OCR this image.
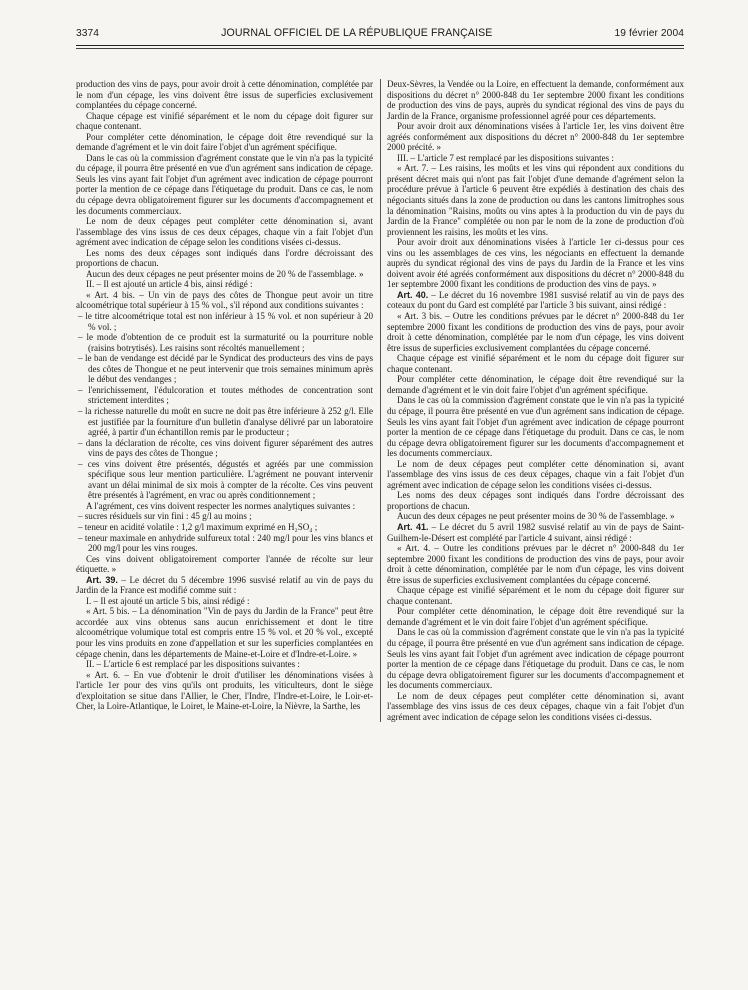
3374	JOURNAL OFFICIEL DE LA RÉPUBLIQUE FRANÇAISE	19 février 2004

production des vins de pays, pour avoir droit à cette dénomination, complétée par le nom d'un cépage, les vins doivent être issus de superficies exclusivement complantées du cépage concerné.

Chaque cépage est vinifié séparément et le nom du cépage doit figurer sur chaque contenant.

Pour compléter cette dénomination, le cépage doit être revendiqué sur la demande d'agrément et le vin doit faire l'objet d'un agrément spécifique.

Dans le cas où la commission d'agrément constate que le vin n'a pas la typicité du cépage, il pourra être présenté en vue d'un agrément sans indication de cépage. Seuls les vins ayant fait l'objet d'un agrément avec indication de cépage pourront porter la mention de ce cépage dans l'étiquetage du produit. Dans ce cas, le nom du cépage devra obligatoirement figurer sur les documents d'accompagnement et les documents commerciaux.

Le nom de deux cépages peut compléter cette dénomination si, avant l'assemblage des vins issus de ces deux cépages, chaque vin a fait l'objet d'un agrément avec indication de cépage selon les conditions visées ci-dessus.

Les noms des deux cépages sont indiqués dans l'ordre décroissant des proportions de chacun.

Aucun des deux cépages ne peut présenter moins de 20 % de l'assemblage. »

II. – Il est ajouté un article 4 bis, ainsi rédigé :

« Art. 4 bis. – Un vin de pays des côtes de Thongue peut avoir un titre alcoométrique total supérieur à 15 % vol., s'il répond aux conditions suivantes :

– le titre alcoométrique total est non inférieur à 15 % vol. et non supérieur à 20 % vol. ;

– le mode d'obtention de ce produit est la surmaturité ou la pourriture noble (raisins botrytisés). Les raisins sont récoltés manuellement ;

– le ban de vendange est décidé par le Syndicat des producteurs des vins de pays des côtes de Thongue et ne peut intervenir que trois semaines minimum après le début des vendanges ;

– l'enrichissement, l'édulcoration et toutes méthodes de concentration sont strictement interdites ;

– la richesse naturelle du moût en sucre ne doit pas être inférieure à 252 g/l. Elle est justifiée par la fourniture d'un bulletin d'analyse délivré par un laboratoire agréé, à partir d'un échantillon remis par le producteur ;

– dans la déclaration de récolte, ces vins doivent figurer séparément des autres vins de pays des côtes de Thongue ;

– ces vins doivent être présentés, dégustés et agréés par une commission spécifique sous leur mention particulière. L'agrément ne pouvant intervenir avant un délai minimal de six mois à compter de la récolte. Ces vins peuvent être présentés à l'agrément, en vrac ou après conditionnement ;

A l'agrément, ces vins doivent respecter les normes analytiques suivantes :

– sucres résiduels sur vin fini : 45 g/l au moins ;

– teneur en acidité volatile : 1,2 g/l maximum exprimé en H₂SO₄ ;

– teneur maximale en anhydride sulfureux total : 240 mg/l pour les vins blancs et 200 mg/l pour les vins rouges.

Ces vins doivent obligatoirement comporter l'année de récolte sur leur étiquette. »

Art. 39. – Le décret du 5 décembre 1996 susvisé relatif au vin de pays du Jardin de la France est modifié comme suit :

I. – Il est ajouté un article 5 bis, ainsi rédigé :

« Art. 5 bis. – La dénomination "Vin de pays du Jardin de la France" peut être accordée aux vins obtenus sans aucun enrichissement et dont le titre alcoométrique volumique total est compris entre 15 % vol. et 20 % vol., excepté pour les vins produits en zone d'appellation et sur les superficies complantées en cépage chenin, dans les départements de Maine-et-Loire et d'Indre-et-Loire. »

II. – L'article 6 est remplacé par les dispositions suivantes :

« Art. 6. – En vue d'obtenir le droit d'utiliser les dénominations visées à l'article 1er pour des vins qu'ils ont produits, les viticulteurs, dont le siège d'exploitation se situe dans l'Allier, le Cher, l'Indre, l'Indre-et-Loire, le Loir-et-Cher, la Loire-Atlantique, le Loiret, le Maine-et-Loire, la Nièvre, la Sarthe, les

Deux-Sèvres, la Vendée ou la Loire, en effectuent la demande, conformément aux dispositions du décret n° 2000-848 du 1er septembre 2000 fixant les conditions de production des vins de pays, auprès du syndicat régional des vins de pays du Jardin de la France, organisme professionnel agréé pour ces départements.

Pour avoir droit aux dénominations visées à l'article 1er, les vins doivent être agréés conformément aux dispositions du décret n° 2000-848 du 1er septembre 2000 précité. »

III. – L'article 7 est remplacé par les dispositions suivantes :

« Art. 7. – Les raisins, les moûts et les vins qui répondent aux conditions du présent décret mais qui n'ont pas fait l'objet d'une demande d'agrément selon la procédure prévue à l'article 6 peuvent être expédiés à destination des chais des négociants situés dans la zone de production ou dans les cantons limitrophes sous la dénomination "Raisins, moûts ou vins aptes à la production du vin de pays du Jardin de la France" complétée ou non par le nom de la zone de production d'où proviennent les raisins, les moûts et les vins.

Pour avoir droit aux dénominations visées à l'article 1er ci-dessus pour ces vins ou les assemblages de ces vins, les négociants en effectuent la demande auprès du syndicat régional des vins de pays du Jardin de la France et les vins doivent avoir été agréés conformément aux dispositions du décret n° 2000-848 du 1er septembre 2000 fixant les conditions de production des vins de pays. »

Art. 40. – Le décret du 16 novembre 1981 susvisé relatif au vin de pays des coteaux du pont du Gard est complété par l'article 3 bis suivant, ainsi rédigé :

« Art. 3 bis. – Outre les conditions prévues par le décret n° 2000-848 du 1er septembre 2000 fixant les conditions de production des vins de pays, pour avoir droit à cette dénomination, complétée par le nom d'un cépage, les vins doivent être issus de superficies exclusivement complantées du cépage concerné.

Chaque cépage est vinifié séparément et le nom du cépage doit figurer sur chaque contenant.

Pour compléter cette dénomination, le cépage doit être revendiqué sur la demande d'agrément et le vin doit faire l'objet d'un agrément spécifique.

Dans le cas où la commission d'agrément constate que le vin n'a pas la typicité du cépage, il pourra être présenté en vue d'un agrément sans indication de cépage. Seuls les vins ayant fait l'objet d'un agrément avec indication de cépage pourront porter la mention de ce cépage dans l'étiquetage du produit. Dans ce cas, le nom du cépage devra obligatoirement figurer sur les documents d'accompagnement et les documents commerciaux.

Le nom de deux cépages peut compléter cette dénomination si, avant l'assemblage des vins issus de ces deux cépages, chaque vin a fait l'objet d'un agrément avec indication de cépage selon les conditions visées ci-dessus.

Les noms des deux cépages sont indiqués dans l'ordre décroissant des proportions de chacun.

Aucun des deux cépages ne peut présenter moins de 30 % de l'assemblage. »

Art. 41. – Le décret du 5 avril 1982 susvisé relatif au vin de pays de Saint-Guilhem-le-Désert est complété par l'article 4 suivant, ainsi rédigé :

« Art. 4. – Outre les conditions prévues par le décret n° 2000-848 du 1er septembre 2000 fixant les conditions de production des vins de pays, pour avoir droit à cette dénomination, complétée par le nom d'un cépage, les vins doivent être issus de superficies exclusivement complantées du cépage concerné.

Chaque cépage est vinifié séparément et le nom du cépage doit figurer sur chaque contenant.

Pour compléter cette dénomination, le cépage doit être revendiqué sur la demande d'agrément et le vin doit faire l'objet d'un agrément spécifique.

Dans le cas où la commission d'agrément constate que le vin n'a pas la typicité du cépage, il pourra être présenté en vue d'un agrément sans indication de cépage. Seuls les vins ayant fait l'objet d'un agrément avec indication de cépage pourront porter la mention de ce cépage dans l'étiquetage du produit. Dans ce cas, le nom du cépage devra obligatoirement figurer sur les documents d'accompagnement et les documents commerciaux.

Le nom de deux cépages peut compléter cette dénomination si, avant l'assemblage des vins issus de ces deux cépages, chaque vin a fait l'objet d'un agrément avec indication de cépage selon les conditions visées ci-dessus.
